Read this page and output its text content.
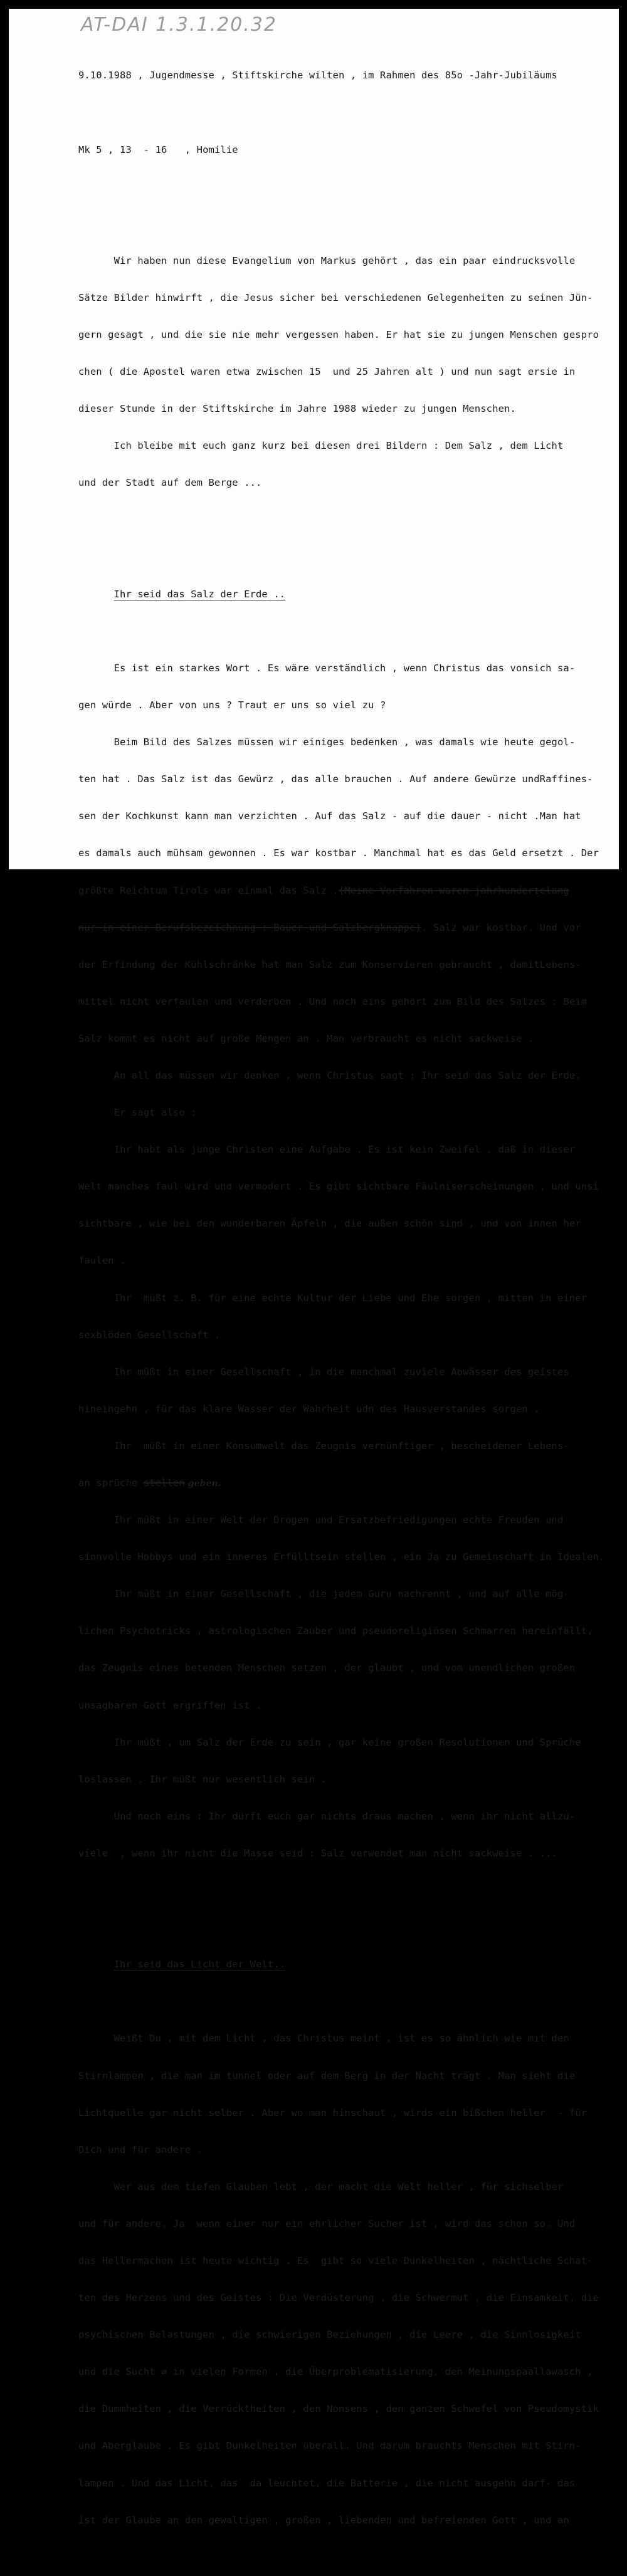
AT-DAI 1.3.1.20.32

9.10.1988 , Jugendmesse , Stiftskirche wilten , im Rahmen des 85o -Jahr-Jubiläums

Mk 5 , 13  - 16   , Homilie

Wir haben nun diese Evangelium von Markus gehört , das ein paar eindrucksvolle

Sätze Bilder hinwirft , die Jesus sicher bei verschiedenen Gelegenheiten zu seinen Jün-

gern gesagt , und die sie nie mehr vergessen haben. Er hat sie zu jungen Menschen gespro

chen ( die Apostel waren etwa zwischen 15  und 25 Jahren alt ) und nun sagt ersie in

dieser Stunde in der Stiftskirche im Jahre 1988 wieder zu jungen Menschen.

Ich bleibe mit euch ganz kurz bei diesen drei Bildern : Dem Salz , dem Licht

und der Stadt auf dem Berge ...

Ihr seid das Salz der Erde ..

Es ist ein starkes Wort . Es wäre verständlich , wenn Christus das vonsich sa-

gen würde . Aber von uns ? Traut er uns so viel zu ?

Beim Bild des Salzes müssen wir einiges bedenken , was damals wie heute gegol-

ten hat . Das Salz ist das Gewürz , das alle brauchen . Auf andere Gewürze undRaffines-

sen der Kochkunst kann man verzichten . Auf das Salz - auf die dauer - nicht .Man hat

es damals auch mühsam gewonnen . Es war kostbar . Manchmal hat es das Geld ersetzt . Der

größte Reichtum Tirols war einmal das Salz .(Meine Vorfahren waren jahrhundertelang

nur in einer Berufsbezeichnung : Bauer und Salzbergknappe). Salz war kostbar. Und vor

der Erfindung der Kühlschränke hat man Salz zum Konservieren gebraucht , damitLebens-

mittel nicht verfaulen und verderben . Und noch eins gehört zum Bild des Salzes : Beim

Salz kommt es nicht auf große Mengen an . Man verbraucht es nicht sackweise .

An all das müssen wir denken , wenn Christus sagt : Ihr seid das Salz der Erde.

Er sagt also :

Ihr habt als junge Christen eine Aufgabe . Es ist kein Zweifel , daß in dieser

Welt manches faul wird und vermodert . Es gibt sichtbare Fäulniserscheinungen , und unsi

sichtbare , wie bei den wunderbaren Äpfeln , die außen schön sind , und von innen her

faulen .

Ihr  müßt z. B. für eine echte Kultur der Liebe und Ehe sorgen , mitten in einer

sexblöden Gesellschaft .

Ihr müßt in einer Gesellschaft , in die manchmal zuviele Abwässer des geistes

hineingehn , für das klare Wasser der Wahrheit udn des Hausverstandes sorgen .

Ihr  müßt in einer Konsumwelt das Zeugnis vernünftiger , bescheidener Lebens-

an sprüche stellen geben.

Ihr müßt in einer Welt der Drogen und Ersatzbefriedigungen echte Freuden und

sinnvolle Hobbys und ein inneres Erfülltsein stellen , ein Ja zu Gemeinschaft in Idealen.

Ihr müßt in einer Gesellschaft , die jedem Guru nachrennt , und auf alle mög-

lichen Psychotricks , astrologischen Zauber und pseudoreligiösen Schmarren hereinfällt,

das Zeugnis eines betenden Menschen setzen , der glaubt , und vom unendlichen großen

unsagbaren Gott ergriffen ist .

Ihr müßt , um Salz der Erde zu sein , gar keine großen Resolutionen und Sprüche

loslassen . Ihr müßt nur wesentlich sein .

Und noch eins : Ihr dürft euch gar nichts draus machen , wenn ihr nicht allzu-

viele  , wenn ihr nicht die Masse seid : Salz verwendet man nicht sackweise . ...

Ihr seid das Licht der Welt..

Weißt Du , mit dem Licht , das Christus meint , ist es so ähnlich wie mit den

Stirnlampen , die man im tunnel oder auf dem Berg in der Nacht trägt . Man sieht die

Lichtquelle gar nicht selber . Aber wo man hinschaut , wirds ein bißchen heller  - für

Dich und für andere .

Wer aus dem tiefen Glauben lebt , der macht die Welt heller , für sichselber

und für andere. Ja  wenn einer nur ein ehrlicher Sucher ist , wird das schon so. Und

das Hellermachen ist heute wichtig . Es  gibt so viele Dunkelheiten , nächtliche Schat-

ten des Herzens und des Geistes : Die Verdüsterung , die Schwermut , die Einsamkeit, die

psychischen Belastungen , die schwierigen Beziehungen , die Leere , die Sinnlosigkeit

und die Sucht ⇄ in vielen Formen , die Überproblematisierung, den Meinungspaallawasch ,

die Dummheiten , die Verrücktheiten , den Nonsens , den ganzen Schwefel von Pseudomystik

und Aberglaube . Es gibt Dunkelheiten überall. Und darum brauchts Menschen mit Stirn-

lampen . Und das Licht, das  da leuchtet, die Batterie , die nicht ausgehn darf- das

ist der Glaube an den gewaltigen , großen , liebenden und befreienden Gott , und an
